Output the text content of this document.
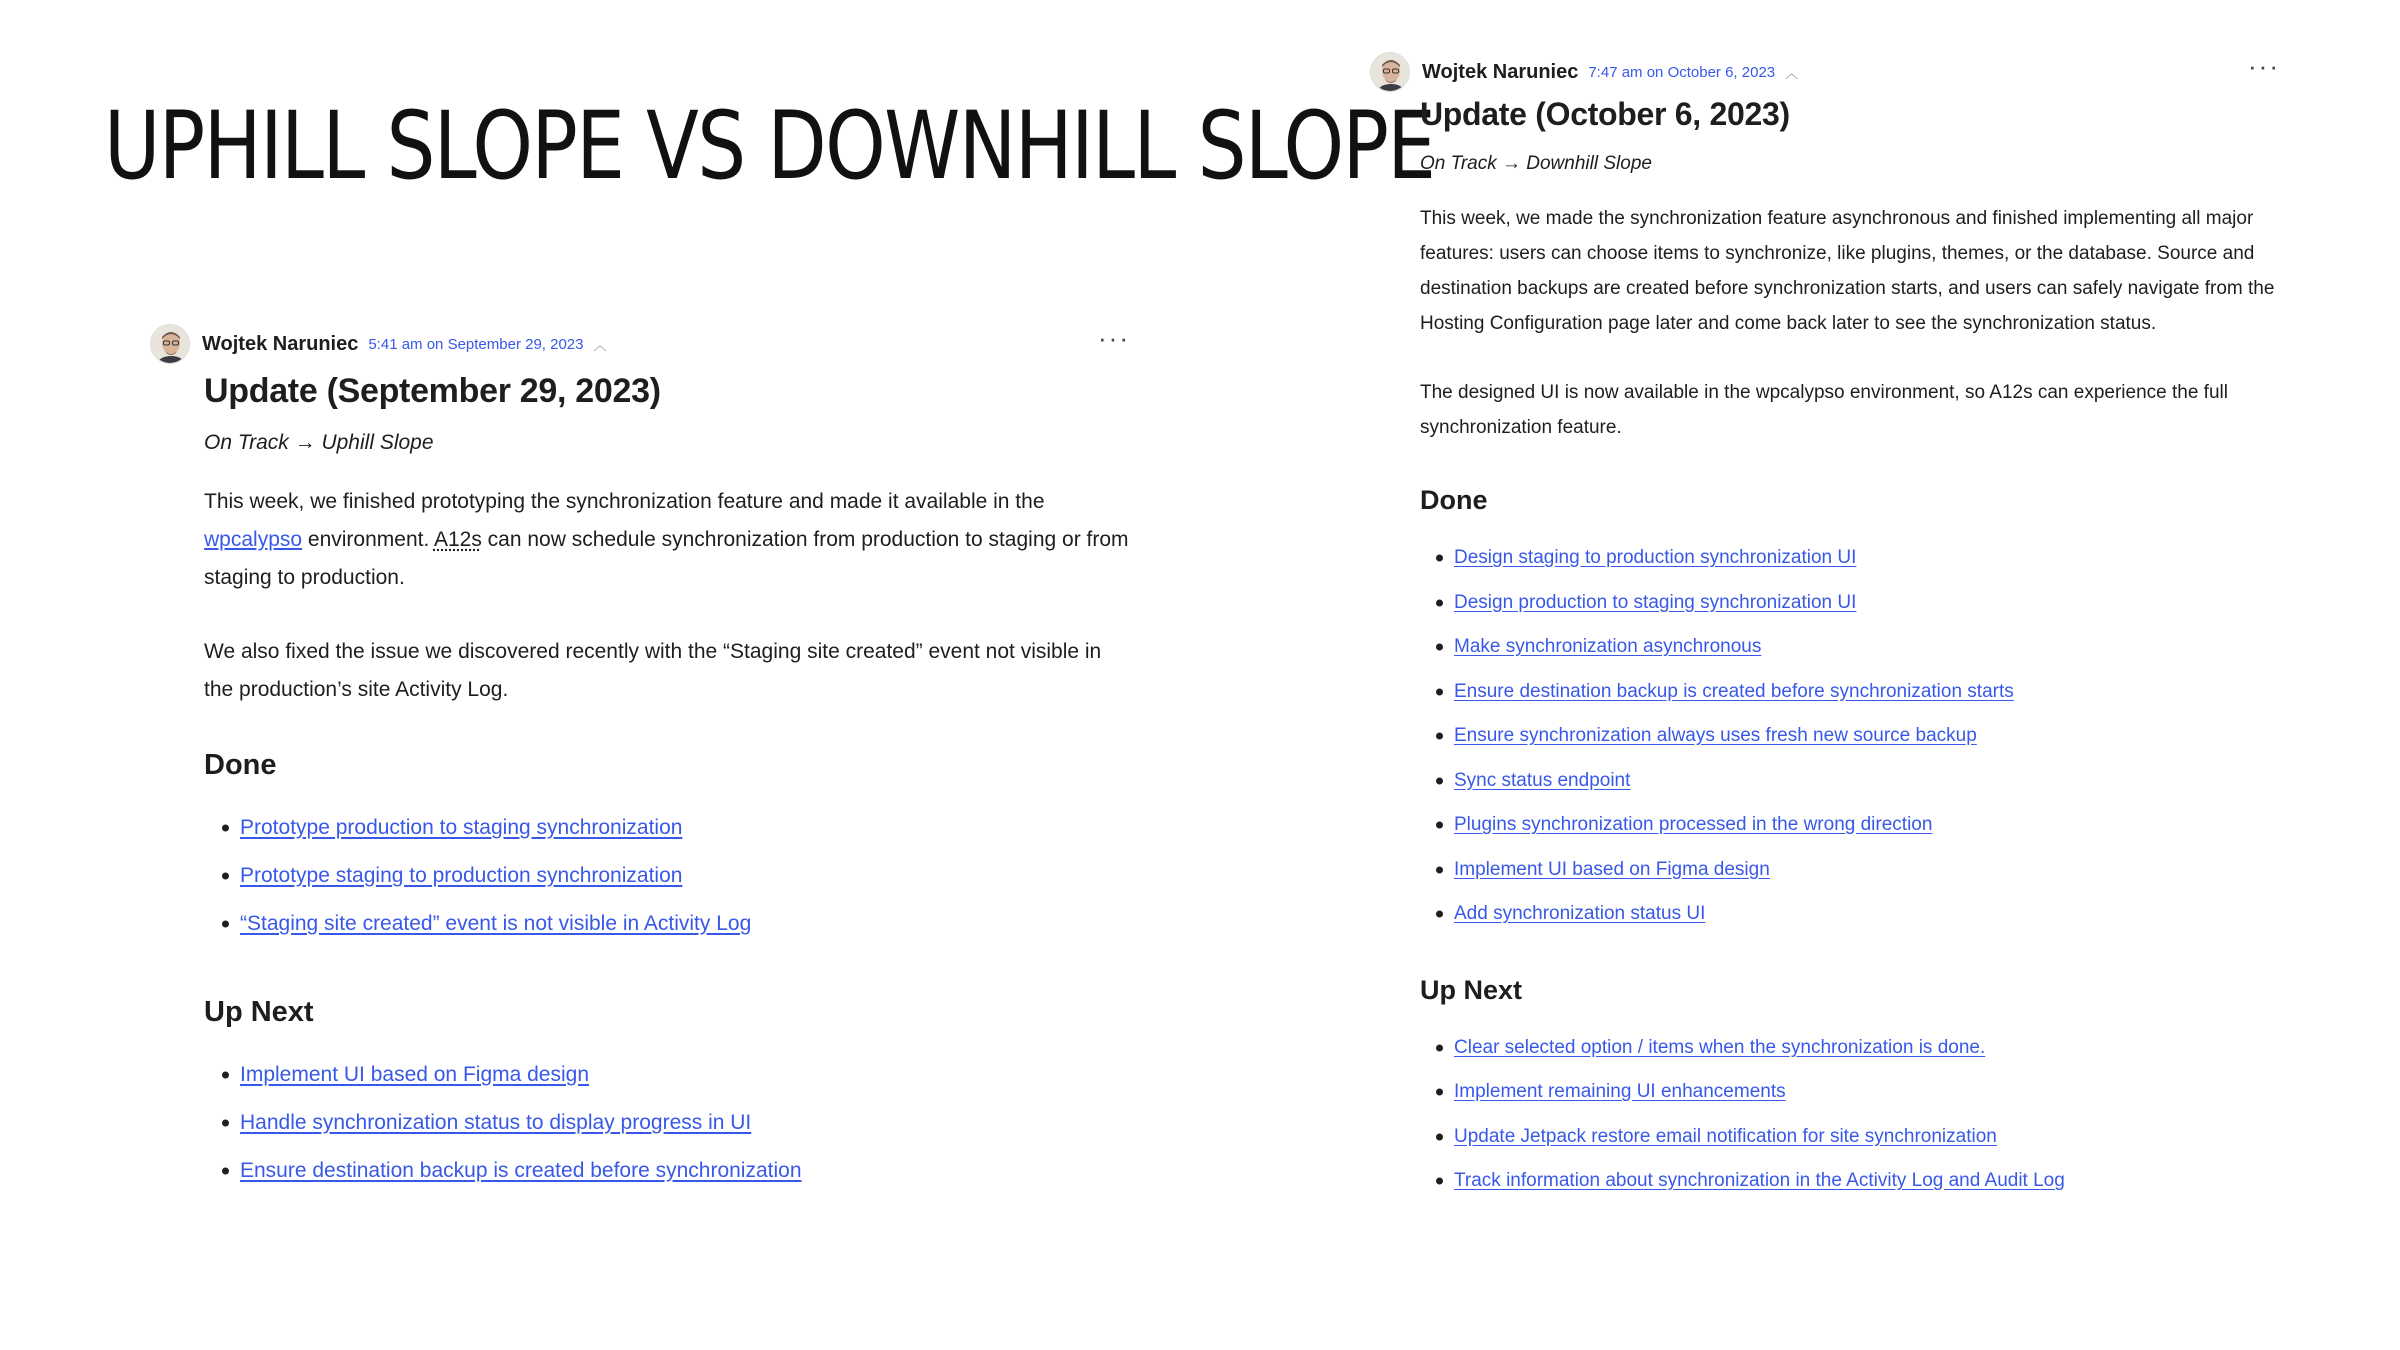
UPHILL SLOPE VS DOWNHILL SLOPE
Wojtek Naruniec 5:41 am on September 29, 2023 ︿	···
Update (September 29, 2023)
On Track → Uphill Slope

This week, we finished prototyping the synchronization feature and made it available in the wpcalypso environment. A12s can now schedule synchronization from production to staging or from staging to production.

We also fixed the issue we discovered recently with the “Staging site created” event not visible in the production’s site Activity Log.

Done
Prototype production to staging synchronization
Prototype staging to production synchronization
“Staging site created” event is not visible in Activity Log
Up Next
Implement UI based on Figma design
Handle synchronization status to display progress in UI
Ensure destination backup is created before synchronization
Wojtek Naruniec 7:47 am on October 6, 2023 ︿	···
Update (October 6, 2023)
On Track → Downhill Slope

This week, we made the synchronization feature asynchronous and finished implementing all major features: users can choose items to synchronize, like plugins, themes, or the database. Source and destination backups are created before synchronization starts, and users can safely navigate from the Hosting Configuration page later and come back later to see the synchronization status.

The designed UI is now available in the wpcalypso environment, so A12s can experience the full synchronization feature.

Done
Design staging to production synchronization UI
Design production to staging synchronization UI
Make synchronization asynchronous
Ensure destination backup is created before synchronization starts
Ensure synchronization always uses fresh new source backup
Sync status endpoint
Plugins synchronization processed in the wrong direction
Implement UI based on Figma design
Add synchronization status UI
Up Next
Clear selected option / items when the synchronization is done.
Implement remaining UI enhancements
Update Jetpack restore email notification for site synchronization
Track information about synchronization in the Activity Log and Audit Log
